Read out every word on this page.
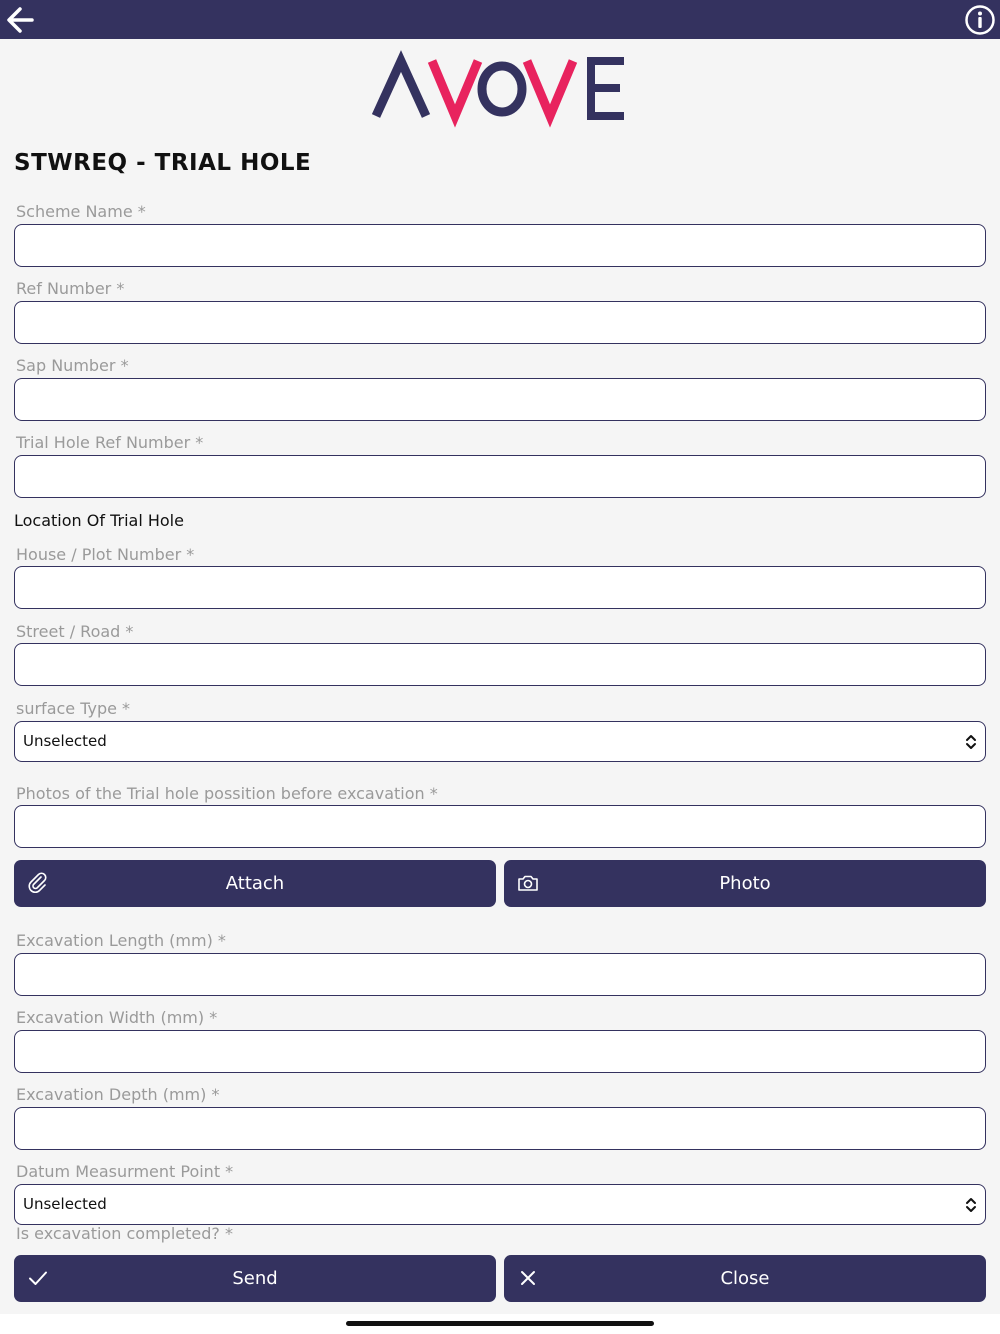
STWREQ - TRIAL HOLE
Scheme Name *
Ref Number *
Sap Number *
Trial Hole Ref Number *
Location Of Trial Hole
House / Plot Number *
Street / Road *
surface Type *
Unselected
Photos of the Trial hole possition before excavation *
Attach	Photo
Excavation Length (mm) *
Excavation Width (mm) *
Excavation Depth (mm) *
Datum Measurment Point *
Unselected
Is excavation completed? *
Send	Close
